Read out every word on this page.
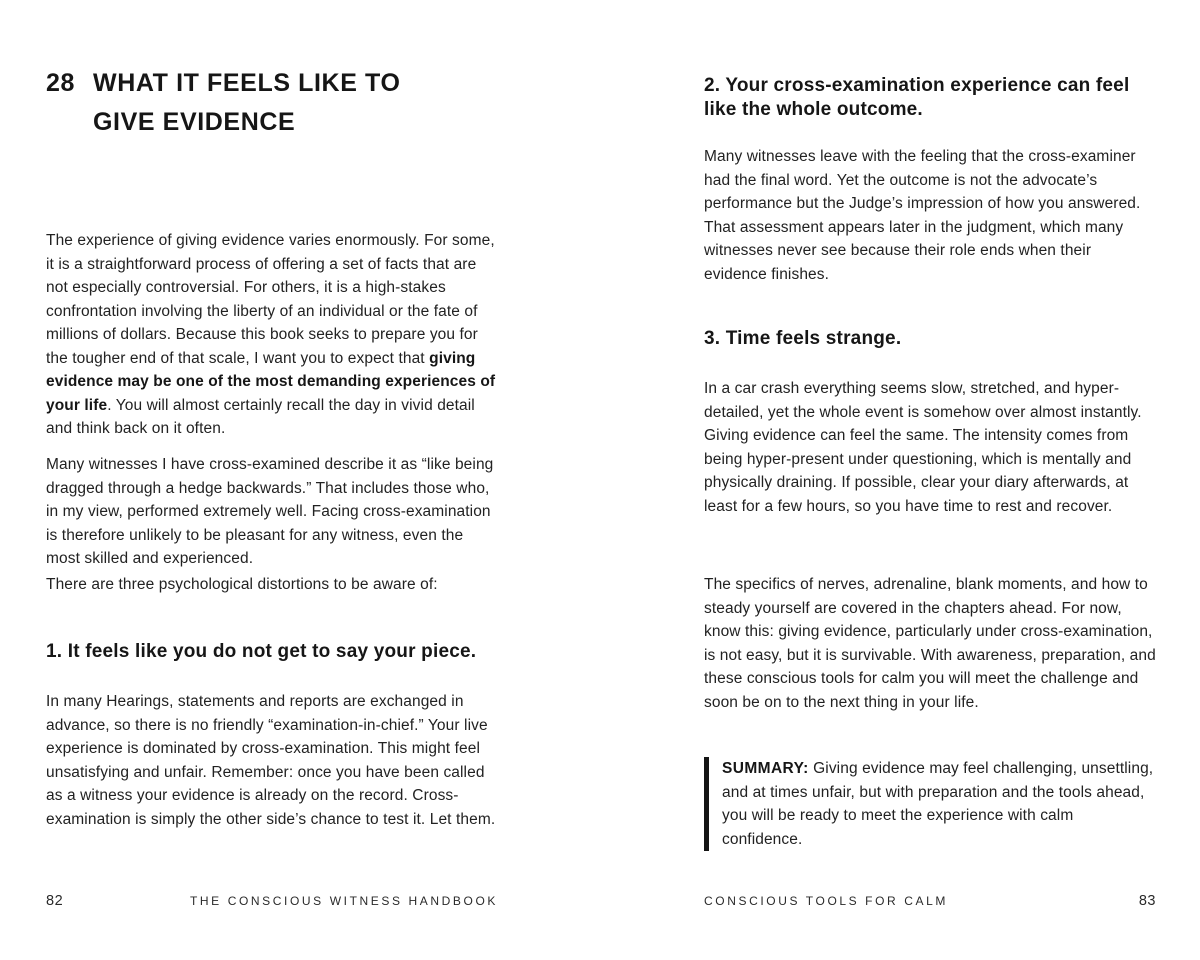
28 WHAT IT FEELS LIKE TO GIVE EVIDENCE

The experience of giving evidence varies enormously. For some, it is a straightforward process of offering a set of facts that are not especially controversial. For others, it is a high-stakes confrontation involving the liberty of an individual or the fate of millions of dollars. Because this book seeks to prepare you for the tougher end of that scale, I want you to expect that giving evidence may be one of the most demanding experiences of your life. You will almost certainly recall the day in vivid detail and think back on it often.

Many witnesses I have cross-examined describe it as “like being dragged through a hedge backwards.” That includes those who, in my view, performed extremely well. Facing cross-examination is therefore unlikely to be pleasant for any witness, even the most skilled and experienced.

There are three psychological distortions to be aware of:

1. It feels like you do not get to say your piece.

In many Hearings, statements and reports are exchanged in advance, so there is no friendly “examination-in-chief.” Your live experience is dominated by cross-examination. This might feel unsatisfying and unfair. Remember: once you have been called as a witness your evidence is already on the record. Cross-examination is simply the other side’s chance to test it. Let them.

82	THE CONSCIOUS WITNESS HANDBOOK
2. Your cross-examination experience can feel like the whole outcome.

Many witnesses leave with the feeling that the cross-examiner had the final word. Yet the outcome is not the advocate’s performance but the Judge’s impression of how you answered. That assessment appears later in the judgment, which many witnesses never see because their role ends when their evidence finishes.

3. Time feels strange.

In a car crash everything seems slow, stretched, and hyper-detailed, yet the whole event is somehow over almost instantly. Giving evidence can feel the same. The intensity comes from being hyper-present under questioning, which is mentally and physically draining. If possible, clear your diary afterwards, at least for a few hours, so you have time to rest and recover.

The specifics of nerves, adrenaline, blank moments, and how to steady yourself are covered in the chapters ahead. For now, know this: giving evidence, particularly under cross-examination, is not easy, but it is survivable. With awareness, preparation, and these conscious tools for calm you will meet the challenge and soon be on to the next thing in your life.

SUMMARY: Giving evidence may feel challenging, unsettling, and at times unfair, but with preparation and the tools ahead, you will be ready to meet the experience with calm confidence.

CONSCIOUS TOOLS FOR CALM	83
